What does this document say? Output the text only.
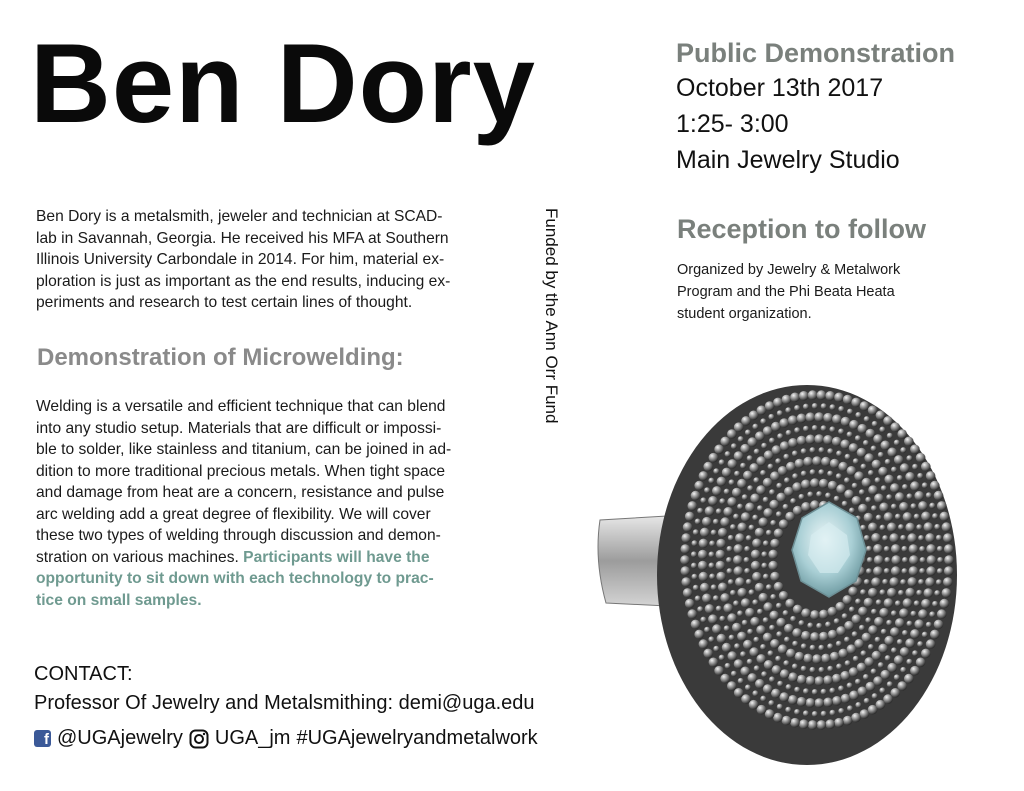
Ben Dory

Ben Dory is a metalsmith, jeweler and technician at SCAD-

lab in Savannah, Georgia. He received his MFA at Southern

Illinois University Carbondale in 2014. For him, material ex-

ploration is just as important as the end results, inducing ex-

periments and research to test certain lines of thought.

Demonstration of Microwelding:
Welding is a versatile and efficient technique that can blend
into any studio setup. Materials that are difficult or impossi-
ble to solder, like stainless and titanium, can be joined in ad-
dition to more traditional precious metals. When tight space
and damage from heat are a concern, resistance and pulse
arc welding add a great degree of flexibility. We will cover
these two types of welding through discussion and demon-
stration on various machines. Participants will have the
opportunity to sit down with each technology to prac-
tice on small samples.
Funded by the Ann Orr Fund
Public Demonstration
October 13th 2017
1:25- 3:00
Main Jewelry Studio
Reception to follow
Organized by Jewelry & Metalwork
Program and the Phi Beata Heata
student organization.
CONTACT:
Professor Of Jewelry and Metalsmithing: demi@uga.edu
f @UGAjewelry UGA_jm #UGAjewelryandmetalwork
